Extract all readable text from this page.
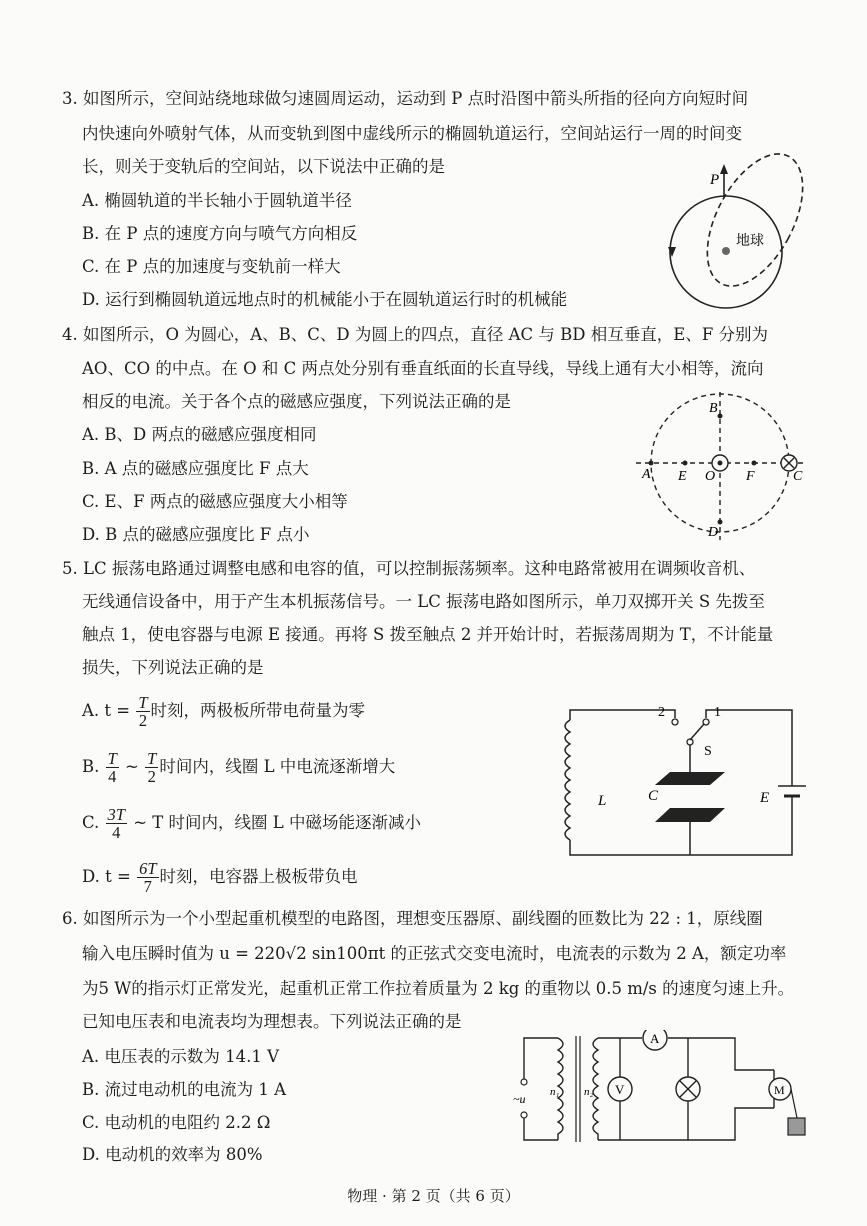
3. 如图所示，空间站绕地球做匀速圆周运动，运动到 P 点时沿图中箭头所指的径向方向短时间
内快速向外喷射气体，从而变轨到图中虚线所示的椭圆轨道运行，空间站运行一周的时间变
长，则关于变轨后的空间站，以下说法中正确的是
A. 椭圆轨道的半长轴小于圆轨道半径
B. 在 P 点的速度方向与喷气方向相反
C. 在 P 点的加速度与变轨前一样大
D. 运行到椭圆轨道远地点时的机械能小于在圆轨道运行时的机械能
P
地球
4. 如图所示，O 为圆心，A、B、C、D 为圆上的四点，直径 AC 与 BD 相互垂直，E、F 分别为
AO、CO 的中点。在 O 和 C 两点处分别有垂直纸面的长直导线，导线上通有大小相等，流向
相反的电流。关于各个点的磁感应强度，下列说法正确的是
A. B、D 两点的磁感应强度相同
B. A 点的磁感应强度比 F 点大
C. E、F 两点的磁感应强度大小相等
D. B 点的磁感应强度比 F 点小
A
B
C
D
E O F
5. LC 振荡电路通过调整电感和电容的值，可以控制振荡频率。这种电路常被用在调频收音机、
无线通信设备中，用于产生本机振荡信号。一 LC 振荡电路如图所示，单刀双掷开关 S 先拨至
触点 1，使电容器与电源 E 接通。再将 S 拨至触点 2 并开始计时，若振荡周期为 T，不计能量
损失，下列说法正确的是
A. $t = \frac{T}{2}$ 时刻，两极板所带电荷量为零
B. $\frac{T}{4}$ ~ $\frac{T}{2}$ 时间内，线圈 L 中电流逐渐增大
C. $\frac{3T}{4}$ ~ T 时间内，线圈 L 中磁场能逐渐减小
D. $t = \frac{6T}{7}$ 时刻，电容器上极板带负电
2	1
S
L	C	E
6. 如图所示为一个小型起重机模型的电路图，理想变压器原、副线圈的匝数比为 22 : 1，原线圈
输入电压瞬时值为 u = 220√2 sin100πt 的正弦式交变电流时，电流表的示数为 2 A，额定功率
为5 W的指示灯正常发光，起重机正常工作拉着质量为 2 kg 的重物以 0.5 m/s 的速度匀速上升。
已知电压表和电流表均为理想表。下列说法正确的是
A. 电压表的示数为 14.1 V
B. 流过电动机的电流为 1 A
C. 电动机的电阻约 2.2 Ω
D. 电动机的效率为 80%
~u n₁ n₂
A
V	M
物理 · 第 2 页（共 6 页）
